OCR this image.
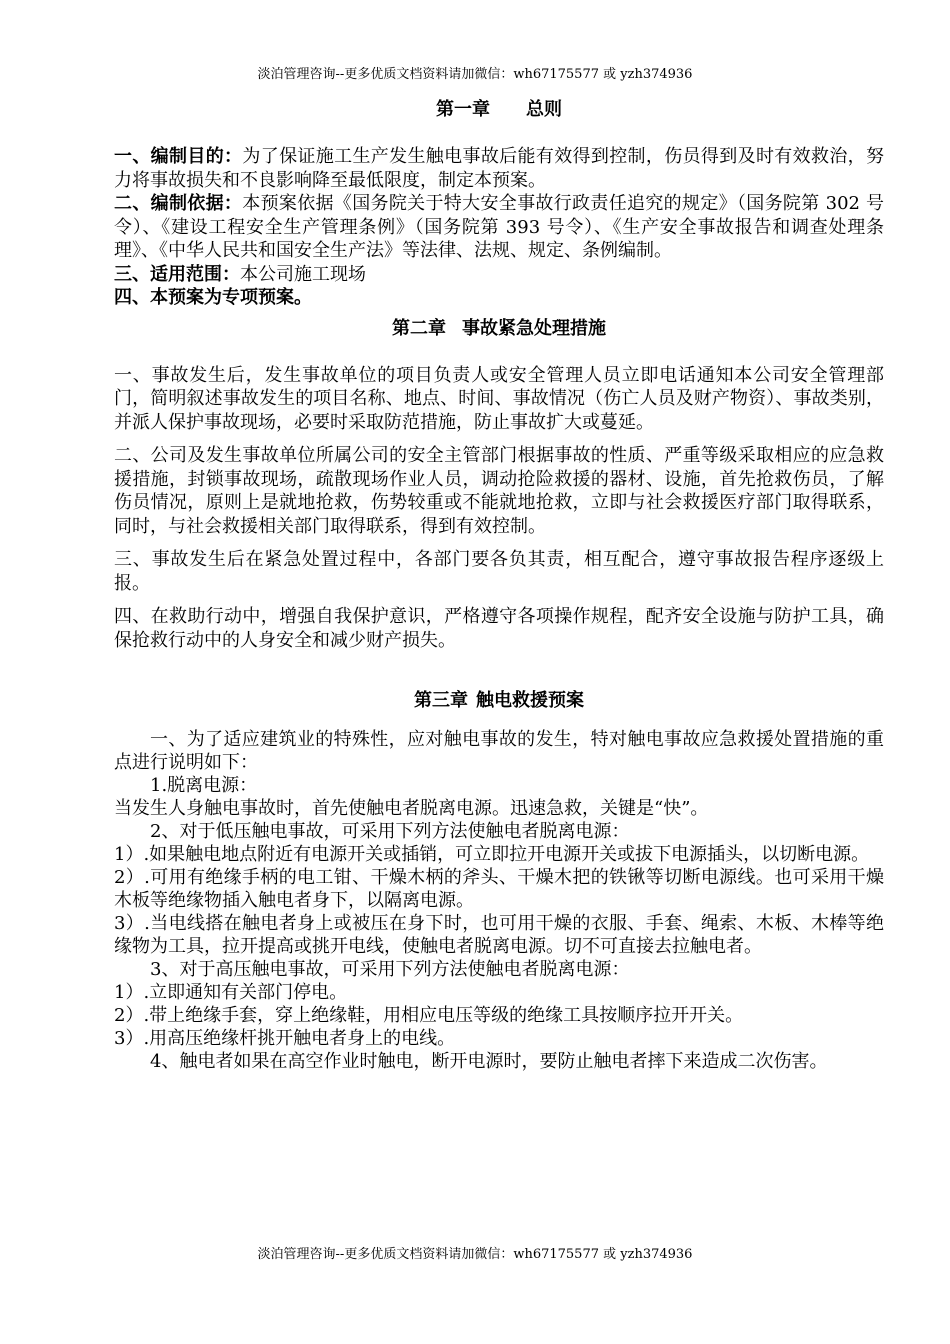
淡泊管理咨询--更多优质文档资料请加微信：wh67175577 或 yzh374936
第一章 总则

一、编制目的：为了保证施工生产发生触电事故后能有效得到控制，伤员得到及时有效救治，努力将事故损失和不良影响降至最低限度，制定本预案。

二、编制依据：本预案依据《国务院关于特大安全事故行政责任追究的规定》（国务院第 302 号令）、《建设工程安全生产管理条例》（国务院第 393 号令）、《生产安全事故报告和调查处理条理》、《中华人民共和国安全生产法》等法律、法规、规定、条例编制。

三、适用范围：本公司施工现场

四、本预案为专项预案。

第二章 事故紧急处理措施

一、事故发生后，发生事故单位的项目负责人或安全管理人员立即电话通知本公司安全管理部门，简明叙述事故发生的项目名称、地点、时间、事故情况（伤亡人员及财产物资）、事故类别，并派人保护事故现场，必要时采取防范措施，防止事故扩大或蔓延。

二、公司及发生事故单位所属公司的安全主管部门根据事故的性质、严重等级采取相应的应急救援措施，封锁事故现场，疏散现场作业人员，调动抢险救援的器材、设施，首先抢救伤员，了解伤员情况，原则上是就地抢救，伤势较重或不能就地抢救，立即与社会救援医疗部门取得联系，同时，与社会救援相关部门取得联系，得到有效控制。

三、事故发生后在紧急处置过程中，各部门要各负其责，相互配合，遵守事故报告程序逐级上报。

四、在救助行动中，增强自我保护意识，严格遵守各项操作规程，配齐安全设施与防护工具，确保抢救行动中的人身安全和减少财产损失。

第三章 触电救援预案

一、为了适应建筑业的特殊性，应对触电事故的发生，特对触电事故应急救援处置措施的重点进行说明如下：

1.脱离电源：

当发生人身触电事故时，首先使触电者脱离电源。迅速急救，关键是“快”。

2、对于低压触电事故，可采用下列方法使触电者脱离电源：

1）.如果触电地点附近有电源开关或插销，可立即拉开电源开关或拔下电源插头，以切断电源。

2）.可用有绝缘手柄的电工钳、干燥木柄的斧头、干燥木把的铁锹等切断电源线。也可采用干燥木板等绝缘物插入触电者身下，以隔离电源。

3）.当电线搭在触电者身上或被压在身下时，也可用干燥的衣服、手套、绳索、木板、木棒等绝缘物为工具，拉开提高或挑开电线，使触电者脱离电源。切不可直接去拉触电者。

3、对于高压触电事故，可采用下列方法使触电者脱离电源：

1）.立即通知有关部门停电。

2）.带上绝缘手套，穿上绝缘鞋，用相应电压等级的绝缘工具按顺序拉开开关。

3）.用高压绝缘杆挑开触电者身上的电线。

4、触电者如果在高空作业时触电，断开电源时，要防止触电者摔下来造成二次伤害。

淡泊管理咨询--更多优质文档资料请加微信：wh67175577 或 yzh374936
